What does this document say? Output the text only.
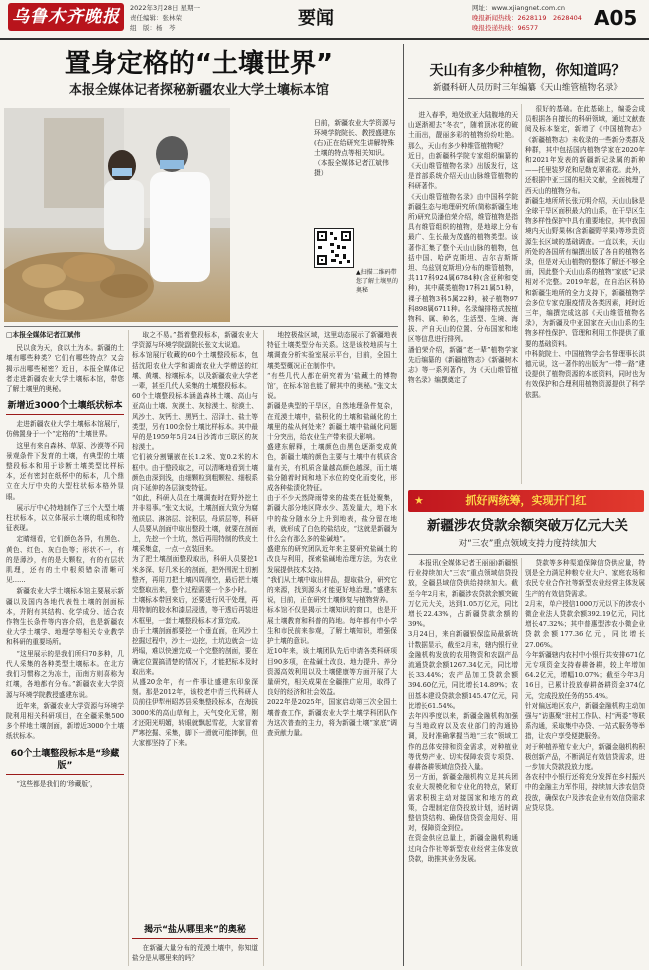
乌鲁木齐晚报	2022年3月28日 星期一
责任编辑：张林荣
组　版：杨　芩	要闻	网址：www.xjiangnet.com.cn
晚报新闻热线：2628119　2628404
晚报投递热线：96577	A05
置身定格的“土壤世界”
本报全媒体记者探秘新疆农业大学土壤标本馆
日前，新疆农业大学资源与环境学院院长、教授盛建东(右)正在给研究生讲解特殊土壤的特点等相关知识。（本报全媒体记者江斌伟摄）
▲扫描二维码带您了解土壤里的奥秘
□本报全媒体记者江斌伟

民以食为天，食以土为本。新疆的土壤有哪些种类？它们有哪些特点？又会揭示出哪些秘密？近日，本报全媒体记者走进新疆农业大学土壤标本馆，带您了解土壤里的奥秘。

新增近3000个土壤纸状标本

走进新疆农业大学土壤标本馆展厅，仿佛置身于一个“定格的”土壤世界。

这里有来自森林、草原、沙漠等不同景观条件下发育的土壤，有典型的土壤整段标本和用于诊断土壤类型比样标本，还有密封在纸杯中的标本，几个鼎立在大厅中央的大型柱状标本格外显眼。

展示厅中心特地制作了三个大型土壤柱状标本，以立体展示土壤的组成和特征表现。

定睛细看，它们颜色各异，有黑色、黄色、红色、灰白色等；形状不一，有的是薄沙，有的是大颗粒，有的有层状肌理，还有的土中根须错杂清晰可见……

新疆农业大学土壤标本馆主要展示新疆以及国内各地代表性土壤的剖面标本，并附有其结构、化学成分、适合农作物生长条件等内容介绍，也是新疆农业大学土壤学、地理学等相关专业教学和科研的重要场所。

“这里展示的是我们所归70多种，几代人采集的各种类型土壤标本。在北方我们习惯称之为冻土，而南方则喜称为红壤，各地都有分布。”新疆农业大学资源与环境学院教授盛建东说。

近年来，新疆农业大学资源与环境学院利用相关科研项目，在全疆采集500多个样地土壤剖面，新增近3000个土壤纸状标本。

60个土壤整段标本是“珍藏版”

“这些都是我们的‘珍藏版’，

取之不易。”指着整段标本，新疆农业大学资源与环境学院副院长张文太说道。
标本馆展厅收藏的60个土壤整段标本，包括沈阳农业大学和湖南农业大学赠送的红壤、黄壤、棕壤标本，以及新疆农业大学老一辈，甚至几代人采集的土壤整段标本。
60个土壤整段标本涵盖森林土壤、高山与亚高山土壤、灰漠土、灰棕漠土、棕漠土、风沙土、灰钙土、黑钙土、沼泽土、盐土等类型，另有100余份土壤比样标本。其中最早的是1959年5月24日沙湾市三联区的灰棕漠土。
它们被分割镶嵌在长1.2米、宽0.2米的木框中。由于整段取之，可以清晰地看到土壤颜色由深到浅，由细颗粒到粗颗粒、细根系向下延伸的各层演变特征。
“如此，科研人员在土壤调查时在野外挖土并非易事。”张文太说，土壤剖面大致分为腐殖质层、淋溶层、淀积层，母质层等，科研人员要从剖面中取出整段土壤，就要在剖面上，先挖一个土坑，然后再用特制的铁皮土壤采集盒，一点一点装回来。
为了把土壤剖面整段取出，科研人员要挖1米多深、好几米长的剖面，把外围泥土切割整齐，再用刀把土壤四周削空，最后把土壤完整取出来，整个过程需要一个多小时。
土壤标本带回来后，还要进行风干处理，再用特制的胶水和漆层浸透，等干透后再装进木框里，一套土壤整段标本才算完成。
由于土壤剖面都要挖一个垂直面，在风沙土挖掘过程中，沙土一边挖，土坑边就会一边坍塌，难以快速完成一个完整的剖面，要在确定位置搞清楚的情况下，才能把标本及时取出来。
从盛20余年，有一件事让盛建东印象深刻。那是2012年，该校老中青三代科研人员前往伊犁州昭苏县采集整段标本，在海拔3000米的高山草甸上，天气变化无常，刚才还阳光明媚，转眼就飘起雪花，大家冒着严寒挖掘、采集，脚下一滑就可能摔倒，但大家都坚持了下来。
揭示“盐从哪里来”的奥秘

在新疆大量分布的荒漠土壤中，你知道盐分是从哪里来的吗？

地控极盐区域，这里动态展示了新疆地表特征土壤类型分布关系。这是该校地质与土壤调查分析实验室展示平台，目前，全国土壤类型概况正在制作中。
“有些几代人都在研究着为‘盐藏土的博物馆’，在标本馆也能了解其中的奥秘。”张文太说。
新疆是典型的干旱区，自然地理条件复杂，在荒漠土壤中，盐积化的土壤和盐碱化的土壤里的盐从何处来？新疆土壤中盐碱化问题十分突出，给农业生产带来很大影响。
盛建东解释，土壤颜色由黑色逐渐变成黄色，新疆土壤的颜色主要与土壤中有机质含量有关，有机质含量越高颜色越深，而土壤盐分随着时间和地下水位的变化而变化，形成各种盐渍化特征。
由于不少天然降雨带来的盐类在低处聚集，新疆大部分地区降水少、蒸发量大，地下水中的盐分随水分上升到地表，盐分留在地表，就形成了白色的盐结皮，“这就是新疆为什么会有那么多的盐碱地”。
盛建东的研究团队近年来主要研究盐碱土的改良与利用，探索盐碱地治理方法，为农业发展提供技术支持。
“我们从土壤中取出样品，提取盐分，研究它的来源，找到源头才能更好地治理。”盛建东说，目前，正在研究土壤修复与植物营养。
标本馆不仅是揭示土壤知识的窗口，也是开展土壤教育和科普的阵地。每年都有中小学生和市民前来参观，了解土壤知识，增强保护土壤的意识。
近10年来，该土壤团队先后申请各类科研项目90多项，在盐碱土改良、地力提升、养分资源高效利用以及土壤健康等方面开展了大量研究，相关成果在全疆推广应用，取得了良好的经济和社会效益。
2022年是2025年，国家启动第三次全国土壤普查工作，新疆农业大学土壤学科团队作为这次普查的主力，将为新疆土壤“家底”调查贡献力量。
天山有多少种植物，你知道吗？
新疆科研人员历时三年编纂《天山维管植物名录》
进入春季，地处欧亚大陆腹地的天山逐渐褪去“冬衣”，随着顶冰花的破土而出，靓丽多彩的植物纷纷吐艳。那么，天山有多少种维管植物呢？
近日，由新疆科学院专家组织编纂的《天山维管植物名录》出版发行，这是首部系统介绍天山山脉维管植物的科研著作。
《天山维管植物名录》由中国科学院新疆生态与地理研究所(简称新疆生地所)研究员潘伯荣介绍，维管植物是指具有维管组织的植物，是地球上分布最广、生长最为茂盛的植物类型。该著作汇集了整个天山山脉的植物，包括中国、哈萨克斯坦、吉尔吉斯斯坦、乌兹别克斯坦)分布的维管植物，共117科924属6784种(含亚种和变种)，其中蕨类植物17科21属51种，裸子植物3科5属22种，被子植物97科898属6711种。名录编排格式按植物科、属、种名，生活型、生境、海拔、产自天山的位置、分布国家和地区等信息进行排列。
潘伯荣介绍，新疆“老一辈”植物学家先后编纂的《新疆植物志》《新疆树木志》等一系列著作，为《天山维管植物名录》编撰奠定了
很好的基础。在此基础上，编委会成员根据各自擅长的科研领域，通过文献查阅及标本鉴定，新增了《中国植物志》《新疆植物志》未收录的一些新分类群及种群，其中包括国内植物学家在2020年和2021年发表的新疆新记录属的新种——托里装罗花和尼勒克翠雀花。此外，还根据中亚三国的相关文献，全面梳理了西天山的植物分布。
新疆生地所所长张元明介绍，天山山脉是全球干旱区面积最大的山系，在干旱区生物多样性保护中具有重要地位，其中我国境内天山野果林(含新疆野苹果)等珍贵资源生长区域的基础调查。一直以来，天山所处的各国所有编撰出版了各自的植物名录，但是对天山植物的整体了解还不够全面，因此整个天山山系的植物“家底”记录相对不完整。2019年起，在自治区科协和新疆生地所的全力支持下，新疆植物学会多位专家克服疫情及各类因素，耗时近三年，编撰完成这部《天山维管植物名录》，为新疆及中亚国家在天山山系的生物多样性保护、管理和利用工作提供了重要的基础资料。
中科院院士、中国植物学会名誉理事长洪德元说，这一著作的出版为“一带一路”建设提供了植物资源的本底资料，同时也为有效保护和合理利用植物资源提供了科学依据。
★	抓好两统筹，实现开门红
新疆涉农贷款余额突破万亿元大关
对“三农”重点领域支持力度持续加大
本报讯(全媒体记者王丽丽)新疆银行业持续加大“三农”重点领域信贷投放，全疆县域信贷供给持续加大。截至今年2月末，新疆涉农贷款余额突破万亿元大关，达到1.05万亿元，同比增长22.43%，占新疆贷款余额的39%。
3月24日，来自新疆银保监局最新统计数据显示，截至2月末，辖内银行业金融机构发放的农用物资和农副产品流通贷款余额1267.34亿元，同比增长33.44%；农产品加工贷款余额394.60亿元，同比增长14.89%；农田基本建设贷款余额145.47亿元，同比增长61.54%。
去年四季度以来，新疆金融机构加强与当地政府以及农业部门的沟通协调，及时准确掌握当地“三农”领域工作的总体安排和资金需求，对种植业等优势产业、切实保障农资专项贷、春耕备耕领域信贷投入量。
另一方面，新疆金融机构立足其兵团农业大规模化和专业化的特点，紧盯需求积极主动对接国家和地方的政策，合理制定信贷投放计划，适时调整信贷结构、确保信贷资金用好、用对，保障资金到位。
在资金供应总量上，新疆金融机构通过向合作社等新型农业经营主体发放贷款，助推其业务发展。
贷款等多种渠道保障信贷供应量，特别是全力满足种粮专业大户、家庭农场和农民专业合作社等新型农业经营主体发展生产的有效信贷需求。
2月末，单户授信1000万元以下的涉农小微企业法人贷款余额392.19亿元，同比增长47.32%；其中普惠型涉农小微企业贷款余额177.36亿元，同比增长27.06%。
今年新疆辖内农村中小银行共安排671亿元专项资金支持春耕备耕，较上年增加64.2亿元，增幅10.07%；截至今年3月16日，已累计投放春耕备耕资金374亿元，完成投放任务的55.4%。
针对偏远地区农户，新疆金融机构主动加强与“访惠聚”驻村工作队、村“两委”等联系沟通，采取集中办贷、一站式服务等举措，让农户享受便捷服务。
对于种植养殖专业大户，新疆金融机构积极创新产品，不断满足有效信贷需求，进一步加大贷款投放力度。
各农村中小银行还将充分发挥在乡村振兴中的金融主力军作用，持续加大涉农信贷投放，确保农户及涉农企业有效信贷需求应贷尽贷。
